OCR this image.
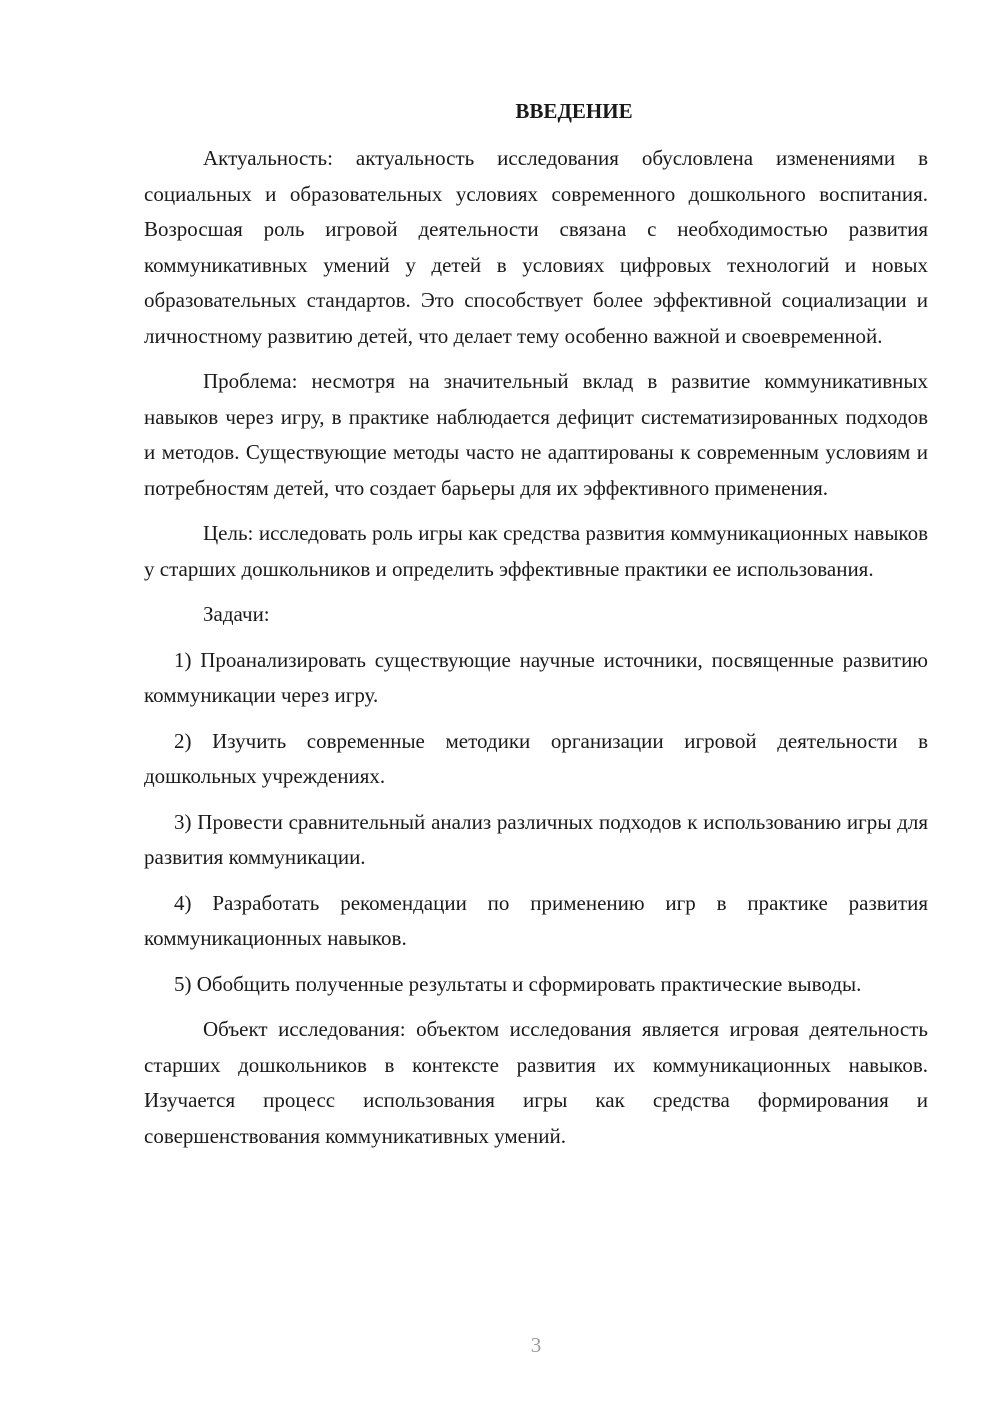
ВВЕДЕНИЕ

Актуальность: актуальность исследования обусловлена изменениями в социальных и образовательных условиях современного дошкольного воспитания. Возросшая роль игровой деятельности связана с необходимостью развития коммуникативных умений у детей в условиях цифровых технологий и новых образовательных стандартов. Это способствует более эффективной социализации и личностному развитию детей, что делает тему особенно важной и своевременной.

Проблема: несмотря на значительный вклад в развитие коммуникативных навыков через игру, в практике наблюдается дефицит систематизированных подходов и методов. Существующие методы часто не адаптированы к современным условиям и потребностям детей, что создает барьеры для их эффективного применения.

Цель: исследовать роль игры как средства развития коммуникационных навыков у старших дошкольников и определить эффективные практики ее использования.

Задачи:

1) Проанализировать существующие научные источники, посвященные развитию коммуникации через игру.

2) Изучить современные методики организации игровой деятельности в дошкольных учреждениях.

3) Провести сравнительный анализ различных подходов к использованию игры для развития коммуникации.

4) Разработать рекомендации по применению игр в практике развития коммуникационных навыков.

5) Обобщить полученные результаты и сформировать практические выводы.

Объект исследования: объектом исследования является игровая деятельность старших дошкольников в контексте развития их коммуникационных навыков. Изучается процесс использования игры как средства формирования и совершенствования коммуникативных умений.

3
